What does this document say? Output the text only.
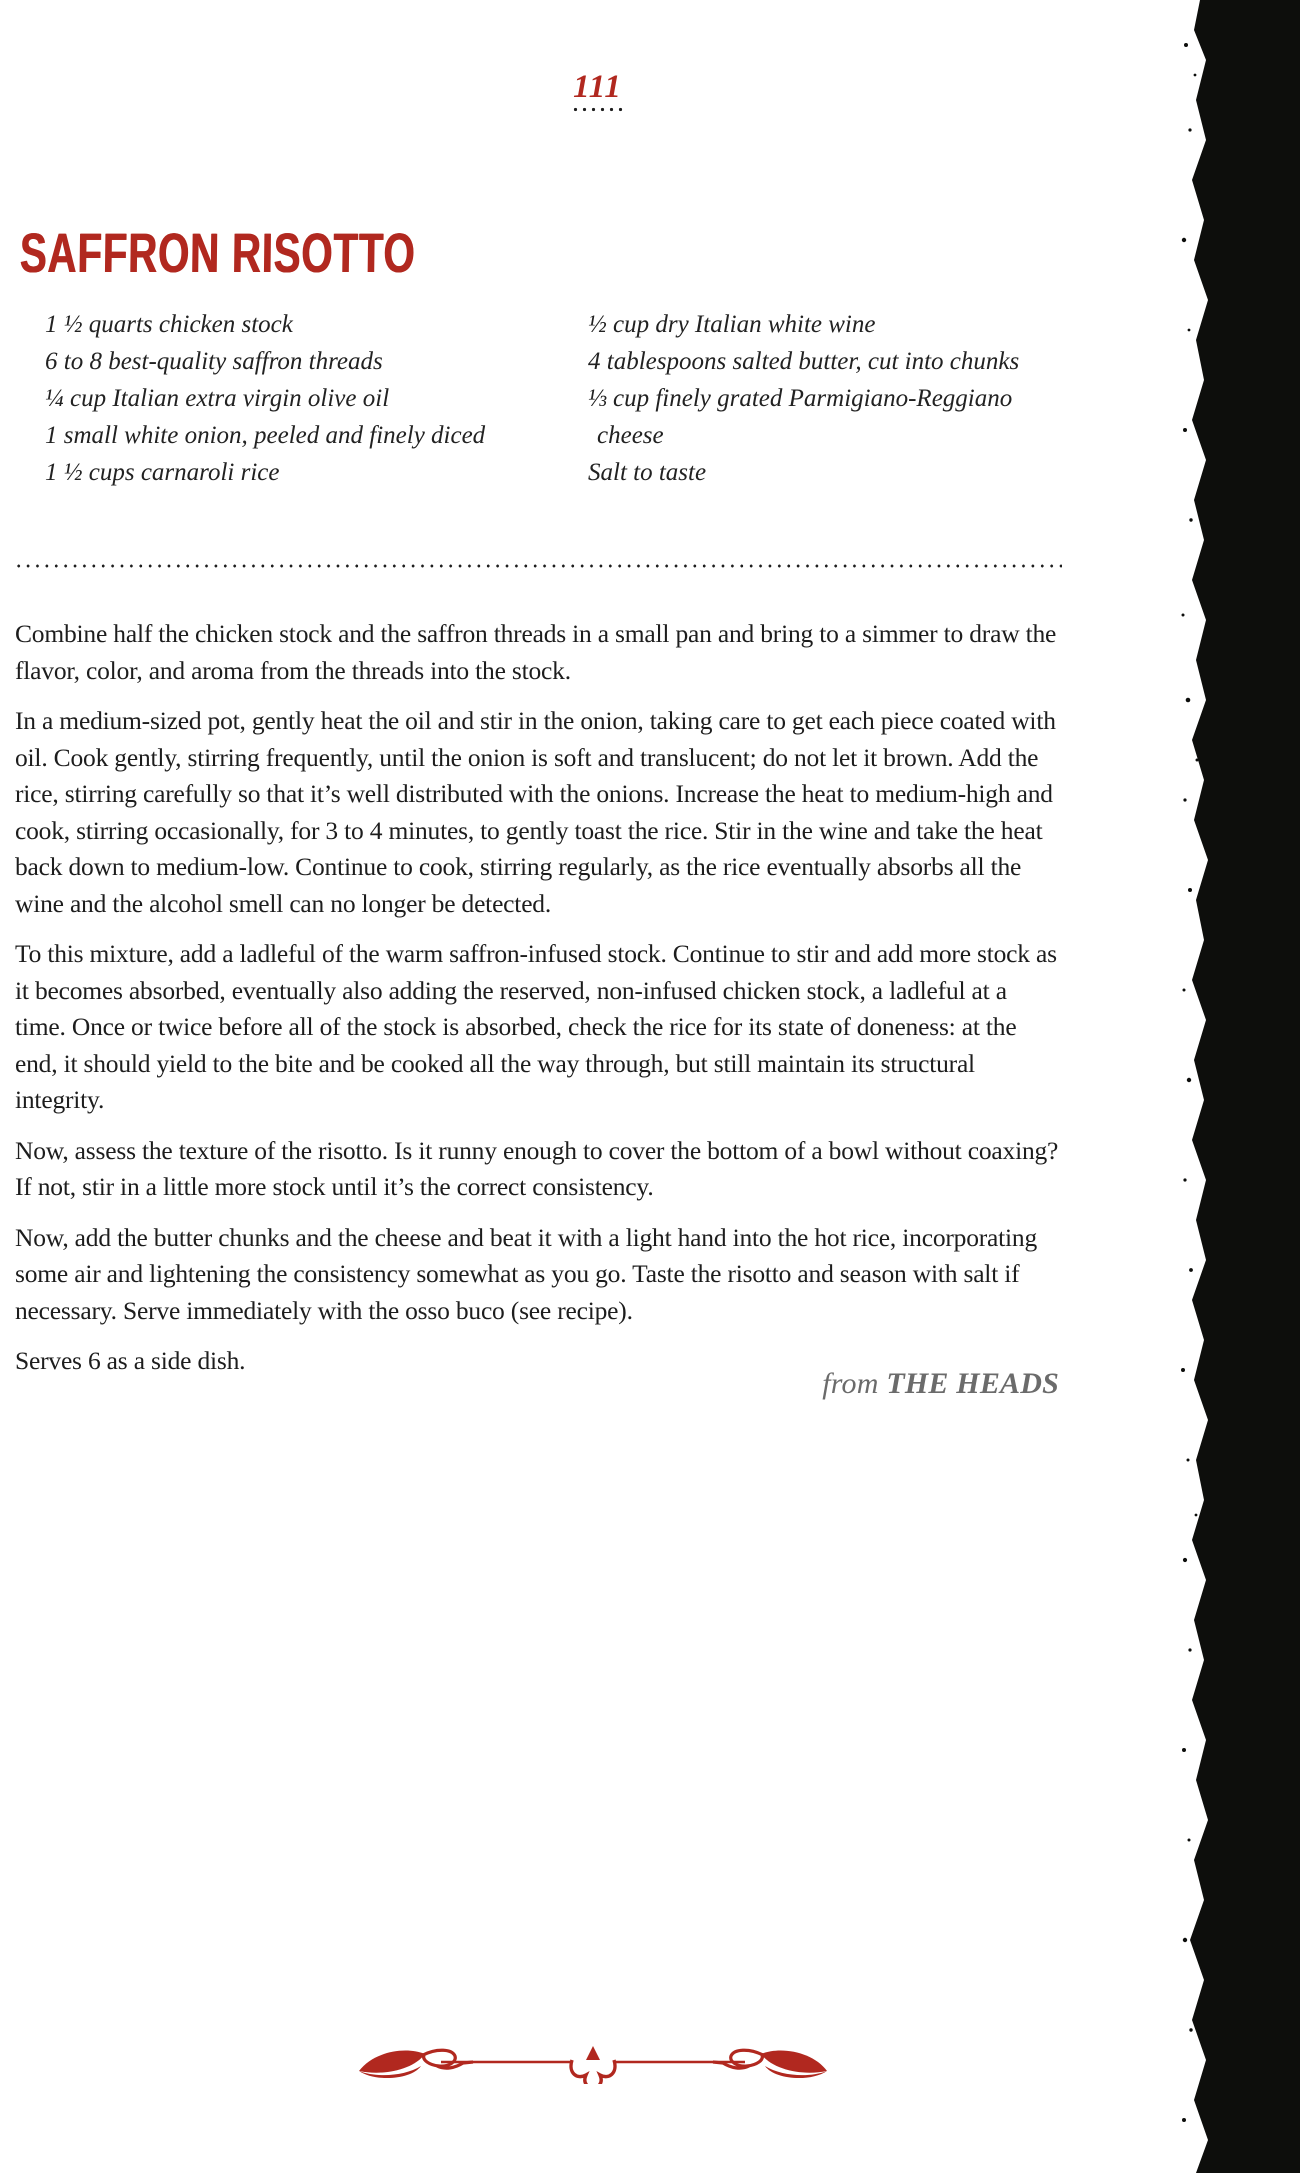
111
SAFFRON RISOTTO
1 ½ quarts chicken stock
6 to 8 best-quality saffron threads
¼ cup Italian extra virgin olive oil
1 small white onion, peeled and finely diced
1 ½ cups carnaroli rice
½ cup dry Italian white wine
4 tablespoons salted butter, cut into chunks
⅓ cup finely grated Parmigiano-Reggiano cheese
Salt to taste

Combine half the chicken stock and the saffron threads in a small pan and bring to a simmer to draw the flavor, color, and aroma from the threads into the stock.

In a medium-sized pot, gently heat the oil and stir in the onion, taking care to get each piece coated with oil. Cook gently, stirring frequently, until the onion is soft and translucent; do not let it brown. Add the rice, stirring carefully so that it’s well distributed with the onions. Increase the heat to medium-high and cook, stirring occasionally, for 3 to 4 minutes, to gently toast the rice. Stir in the wine and take the heat back down to medium-low. Continue to cook, stirring regularly, as the rice eventually absorbs all the wine and the alcohol smell can no longer be detected.

To this mixture, add a ladleful of the warm saffron-infused stock. Continue to stir and add more stock as it becomes absorbed, eventually also adding the reserved, non-infused chicken stock, a ladleful at a time. Once or twice before all of the stock is absorbed, check the rice for its state of doneness: at the end, it should yield to the bite and be cooked all the way through, but still maintain its structural integrity.

Now, assess the texture of the risotto. Is it runny enough to cover the bottom of a bowl without coaxing? If not, stir in a little more stock until it’s the correct consistency.

Now, add the butter chunks and the cheese and beat it with a light hand into the hot rice, incorporating some air and lightening the consistency somewhat as you go. Taste the risotto and season with salt if necessary. Serve immediately with the osso buco (see recipe).

Serves 6 as a side dish.

from THE HEADS
